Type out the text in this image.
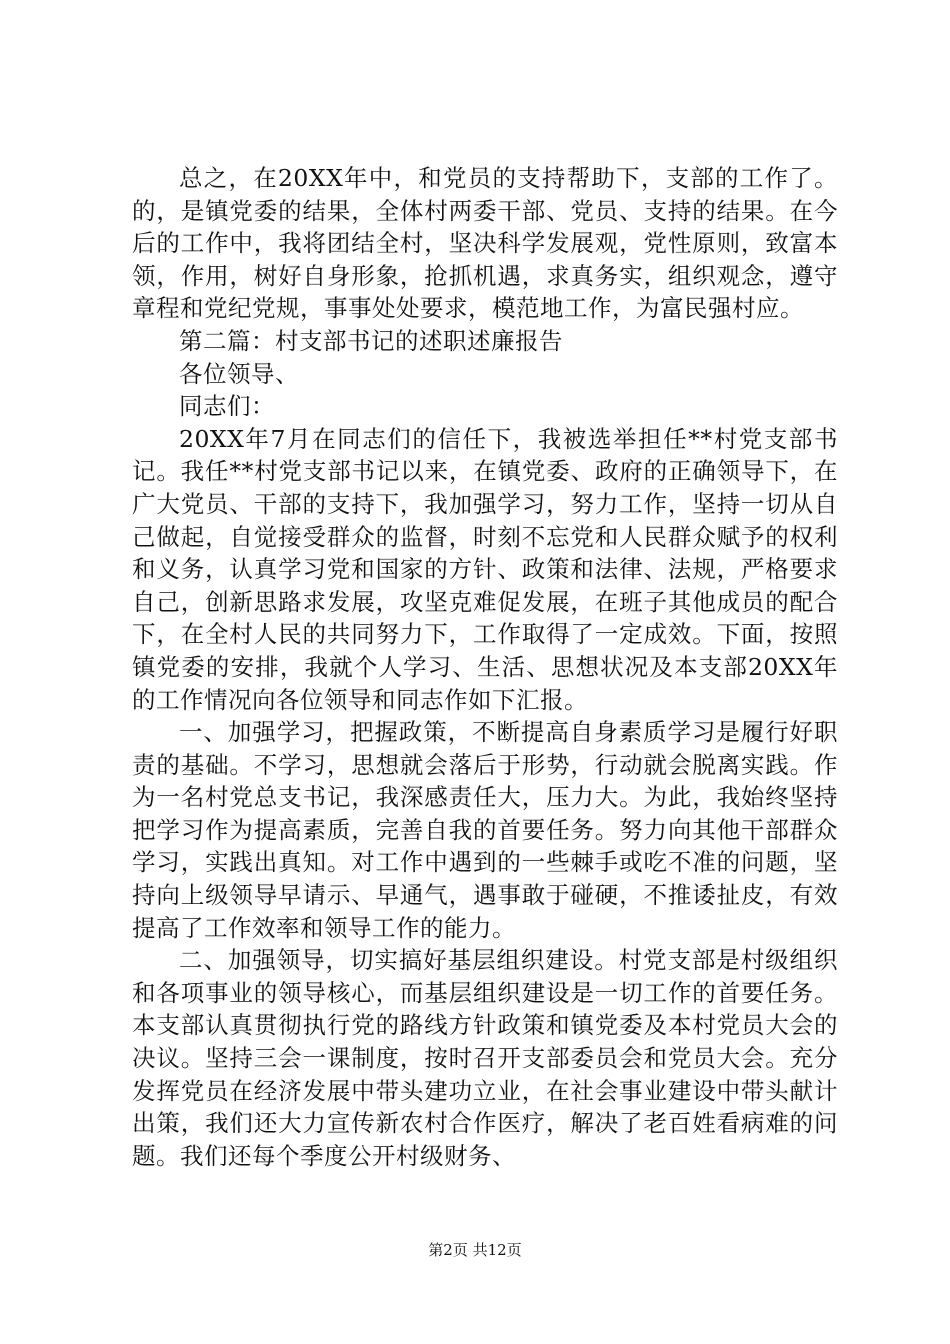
总之，在20XX年中，和党员的支持帮助下，支部的工作了。的，是镇党委的结果，全体村两委干部、党员、支持的结果。在今后的工作中，我将团结全村，坚决科学发展观，党性原则，致富本领，作用，树好自身形象，抢抓机遇，求真务实，组织观念，遵守章程和党纪党规，事事处处要求，模范地工作，为富民强村应。

第二篇：村支部书记的述职述廉报告

各位领导、

同志们：

20XX年7月在同志们的信任下，我被选举担任**村党支部书记。我任**村党支部书记以来，在镇党委、政府的正确领导下，在广大党员、干部的支持下，我加强学习，努力工作，坚持一切从自己做起，自觉接受群众的监督，时刻不忘党和人民群众赋予的权利和义务，认真学习党和国家的方针、政策和法律、法规，严格要求自己，创新思路求发展，攻坚克难促发展，在班子其他成员的配合下，在全村人民的共同努力下，工作取得了一定成效。下面，按照镇党委的安排，我就个人学习、生活、思想状况及本支部20XX年的工作情况向各位领导和同志作如下汇报。

一、加强学习，把握政策，不断提高自身素质学习是履行好职责的基础。不学习，思想就会落后于形势，行动就会脱离实践。作为一名村党总支书记，我深感责任大，压力大。为此，我始终坚持把学习作为提高素质，完善自我的首要任务。努力向其他干部群众学习，实践出真知。对工作中遇到的一些棘手或吃不准的问题，坚持向上级领导早请示、早通气，遇事敢于碰硬，不推诿扯皮，有效提高了工作效率和领导工作的能力。

二、加强领导，切实搞好基层组织建设。村党支部是村级组织和各项事业的领导核心，而基层组织建设是一切工作的首要任务。本支部认真贯彻执行党的路线方针政策和镇党委及本村党员大会的决议。坚持三会一课制度，按时召开支部委员会和党员大会。充分发挥党员在经济发展中带头建功立业，在社会事业建设中带头献计出策，我们还大力宣传新农村合作医疗，解决了老百姓看病难的问题。我们还每个季度公开村级财务、

第2页 共12页
